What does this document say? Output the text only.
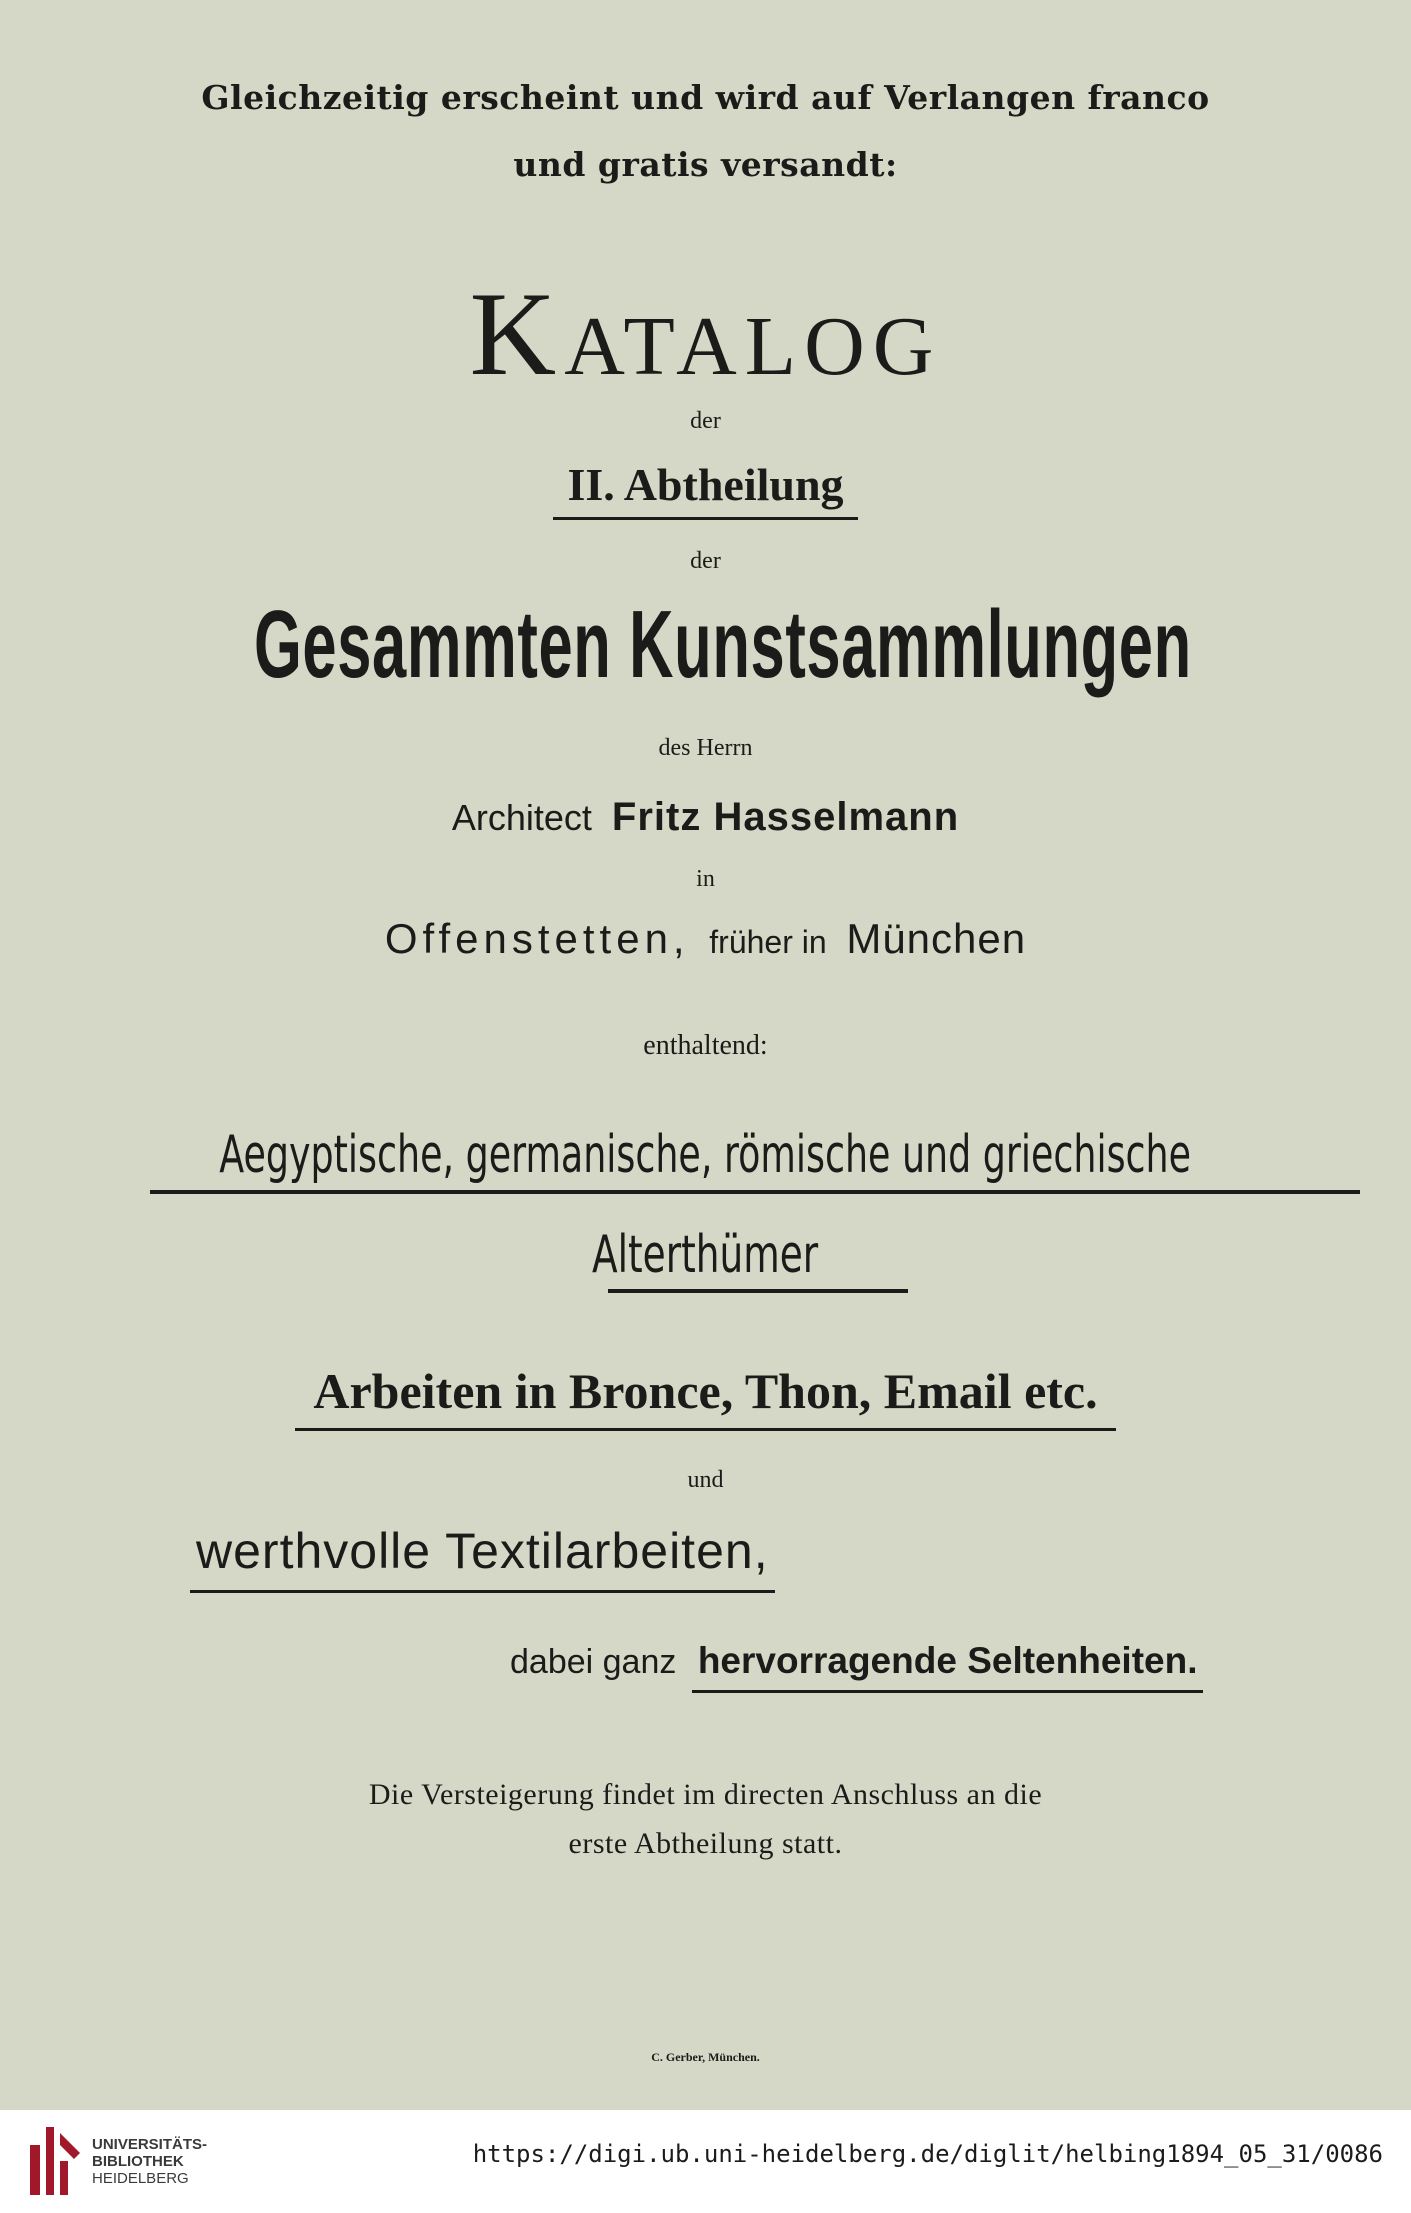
Gleichzeitig erscheint und wird auf Verlangen franco
und gratis versandt:
Katalog
der
II. Abtheilung
der
Gesammten Kunstsammlungen
des Herrn
Architect Fritz Hasselmann
in
Offenstetten, früher in München
enthaltend:
Aegyptische, germanische, römische und griechische
Alterthümer
Arbeiten in Bronce, Thon, Email etc.
und
werthvolle Textilarbeiten,
dabei ganz hervorragende Seltenheiten.
Die Versteigerung findet im directen Anschluss an die
erste Abtheilung statt.
C. Gerber, München.
UNIVERSITÄTS-
BIBLIOTHEK
HEIDELBERG
https://digi.ub.uni-heidelberg.de/diglit/helbing1894_05_31/0086
